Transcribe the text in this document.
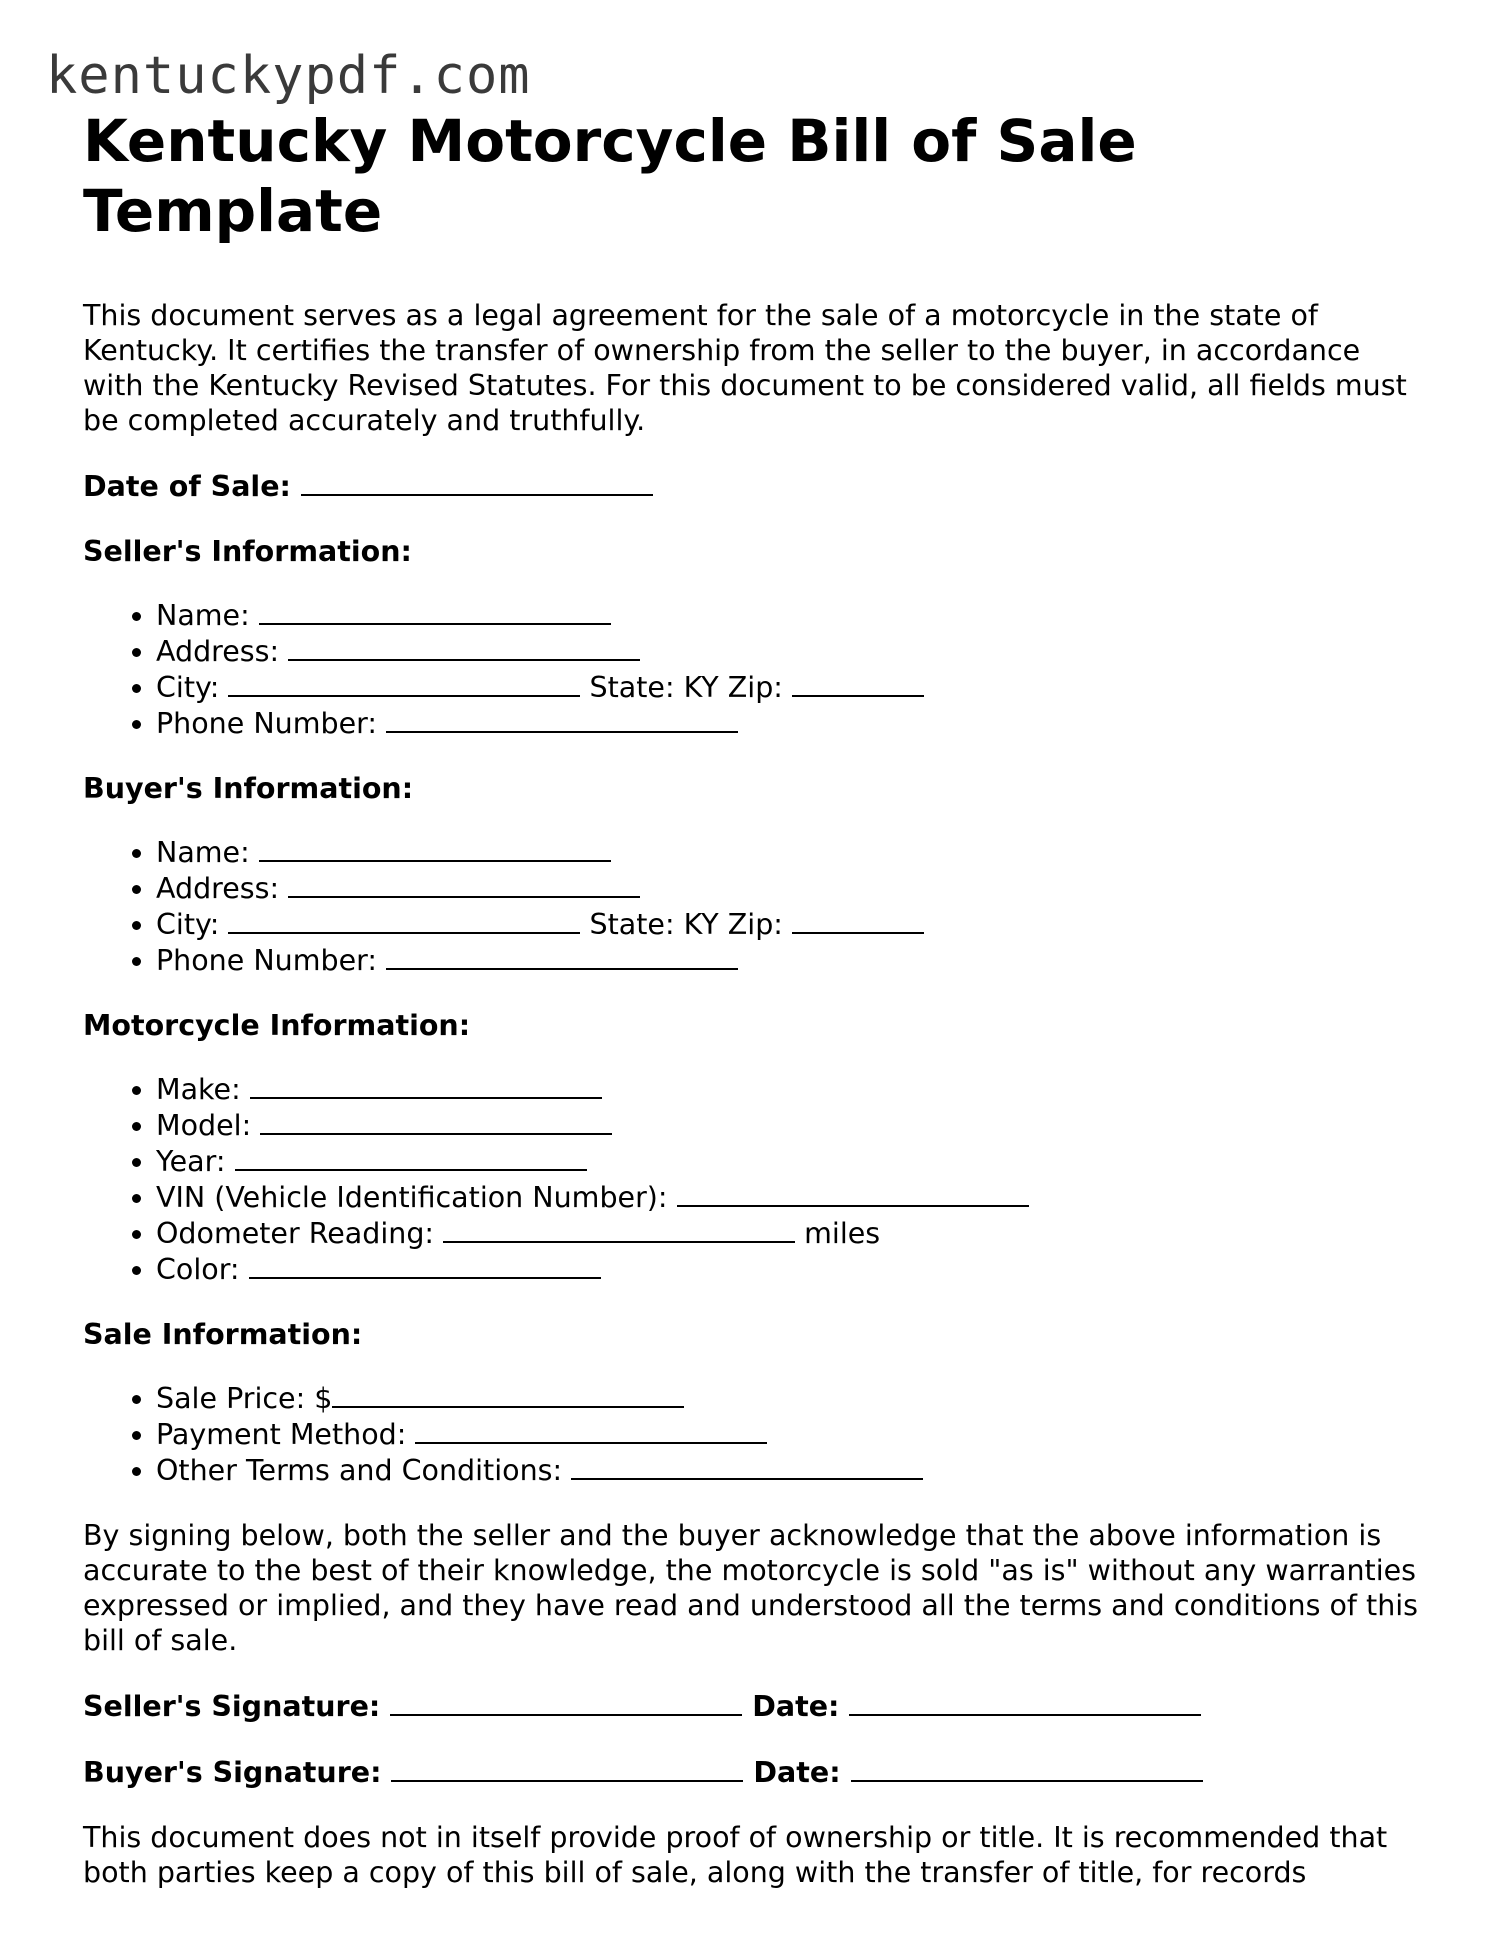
kentuckypdf.com
Kentucky Motorcycle Bill of Sale Template

This document serves as a legal agreement for the sale of a motorcycle in the state of Kentucky. It certifies the transfer of ownership from the seller to the buyer, in accordance with the Kentucky Revised Statutes. For this document to be considered valid, all fields must be completed accurately and truthfully.

Date of Sale:
Seller's Information:
• Name:
• Address:
• City:	State: KY Zip:
• Phone Number:
Buyer's Information:
• Name:
• Address:
• City:	State: KY Zip:
• Phone Number:
Motorcycle Information:
• Make:
• Model:
• Year:
• VIN (Vehicle Identification Number):
• Odometer Reading:	miles
• Color:
Sale Information:
• Sale Price: $
• Payment Method:
• Other Terms and Conditions:

By signing below, both the seller and the buyer acknowledge that the above information is accurate to the best of their knowledge, the motorcycle is sold "as is" without any warranties expressed or implied, and they have read and understood all the terms and conditions of this bill of sale.

Seller's Signature:	Date:
Buyer's Signature:	Date:

This document does not in itself provide proof of ownership or title. It is recommended that both parties keep a copy of this bill of sale, along with the transfer of title, for records
